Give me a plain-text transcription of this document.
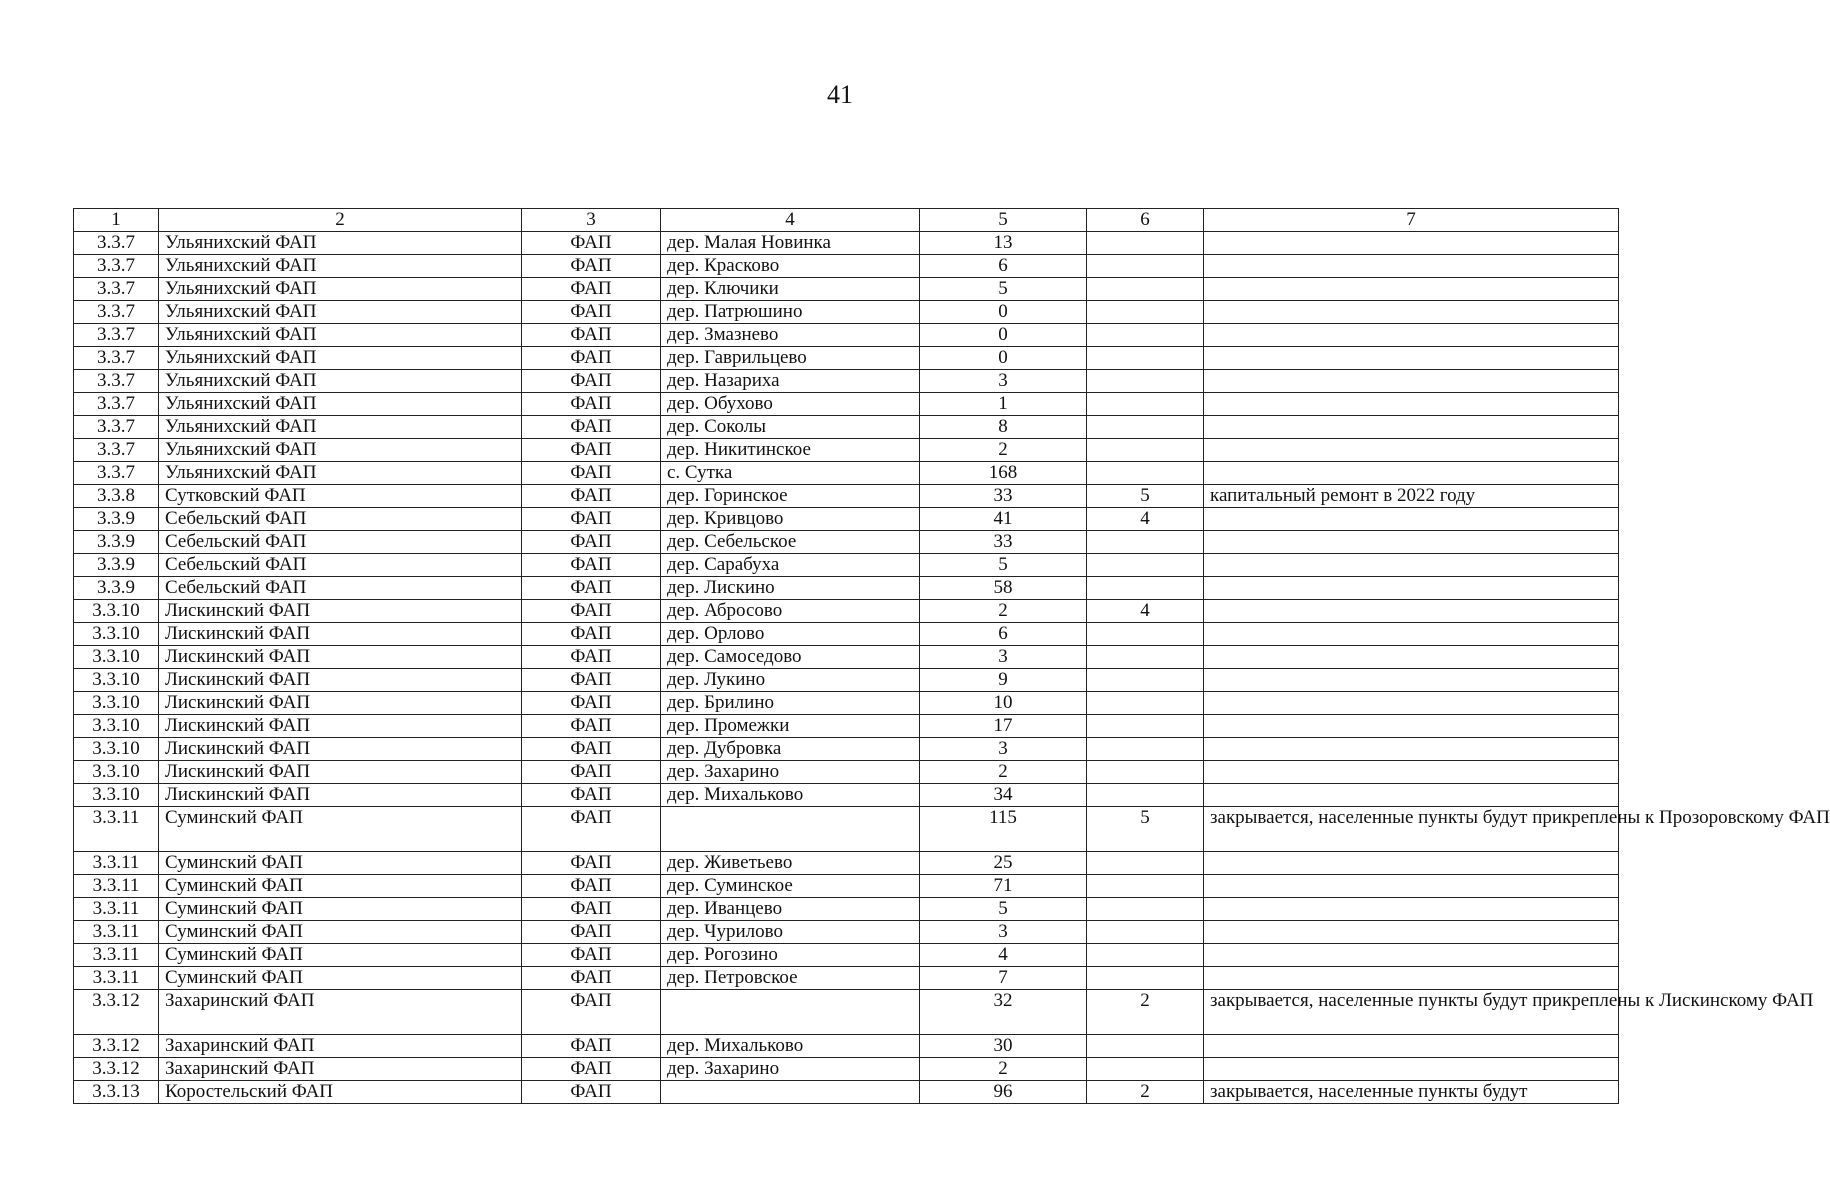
41
1	2	3	4	5	6	7
3.3.7	Ульянихский ФАП	ФАП	дер. Малая Новинка	13		
3.3.7	Ульянихский ФАП	ФАП	дер. Красково	6		
3.3.7	Ульянихский ФАП	ФАП	дер. Ключики	5		
3.3.7	Ульянихский ФАП	ФАП	дер. Патрюшино	0		
3.3.7	Ульянихский ФАП	ФАП	дер. Змазнево	0		
3.3.7	Ульянихский ФАП	ФАП	дер. Гаврильцево	0		
3.3.7	Ульянихский ФАП	ФАП	дер. Назариха	3		
3.3.7	Ульянихский ФАП	ФАП	дер. Обухово	1		
3.3.7	Ульянихский ФАП	ФАП	дер. Соколы	8		
3.3.7	Ульянихский ФАП	ФАП	дер. Никитинское	2		
3.3.7	Ульянихский ФАП	ФАП	с. Сутка	168		
3.3.8	Сутковский ФАП	ФАП	дер. Горинское	33	5	капитальный ремонт в 2022 году
3.3.9	Себельский ФАП	ФАП	дер. Кривцово	41	4	
3.3.9	Себельский ФАП	ФАП	дер. Себельское	33		
3.3.9	Себельский ФАП	ФАП	дер. Сарабуха	5		
3.3.9	Себельский ФАП	ФАП	дер. Лискино	58		
3.3.10	Лискинский ФАП	ФАП	дер. Абросово	2	4	
3.3.10	Лискинский ФАП	ФАП	дер. Орлово	6		
3.3.10	Лискинский ФАП	ФАП	дер. Самоседово	3		
3.3.10	Лискинский ФАП	ФАП	дер. Лукино	9		
3.3.10	Лискинский ФАП	ФАП	дер. Брилино	10		
3.3.10	Лискинский ФАП	ФАП	дер. Промежки	17		
3.3.10	Лискинский ФАП	ФАП	дер. Дубровка	3		
3.3.10	Лискинский ФАП	ФАП	дер. Захарино	2		
3.3.10	Лискинский ФАП	ФАП	дер. Михальково	34		
3.3.11	Суминский ФАП	ФАП		115	5	закрывается, населенные пункты будут прикреплены к Прозоровскому ФАП
3.3.11	Суминский ФАП	ФАП	дер. Живетьево	25		
3.3.11	Суминский ФАП	ФАП	дер. Суминское	71		
3.3.11	Суминский ФАП	ФАП	дер. Иванцево	5		
3.3.11	Суминский ФАП	ФАП	дер. Чурилово	3		
3.3.11	Суминский ФАП	ФАП	дер. Рогозино	4		
3.3.11	Суминский ФАП	ФАП	дер. Петровское	7		
3.3.12	Захаринский ФАП	ФАП		32	2	закрывается, населенные пункты будут прикреплены к Лискинскому ФАП
3.3.12	Захаринский ФАП	ФАП	дер. Михальково	30		
3.3.12	Захаринский ФАП	ФАП	дер. Захарино	2		
3.3.13	Коростельский ФАП	ФАП		96	2	закрывается, населенные пункты будут
